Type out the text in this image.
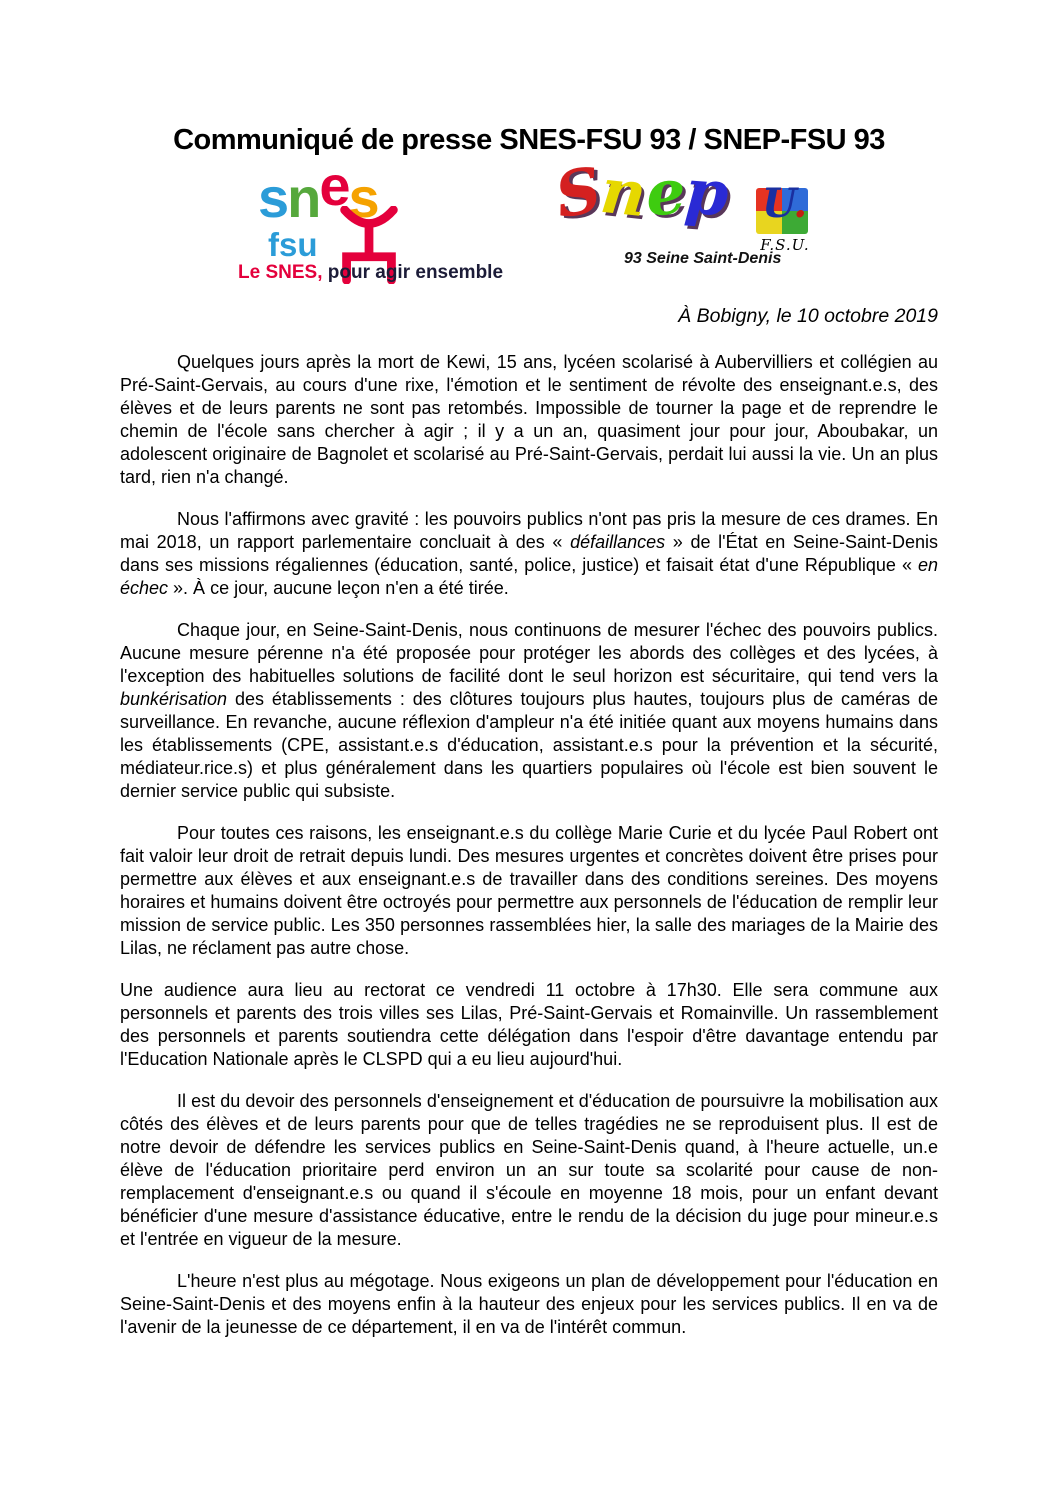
Communiqué de presse SNES-FSU 93 / SNEP-FSU 93
snes
fsu
Le SNES, pour agir ensemble
Snep U.
F.S.U.
93 Seine Saint-Denis
À Bobigny, le 10 octobre 2019

Quelques jours après la mort de Kewi, 15 ans, lycéen scolarisé à Aubervilliers et collégien au Pré-Saint-Gervais, au cours d'une rixe, l'émotion et le sentiment de révolte des enseignant.e.s, des élèves et de leurs parents ne sont pas retombés. Impossible de tourner la page et de reprendre le chemin de l'école sans chercher à agir ; il y a un an, quasiment jour pour jour, Aboubakar, un adolescent originaire de Bagnolet et scolarisé au Pré-Saint-Gervais, perdait lui aussi la vie. Un an plus tard, rien n'a changé.

Nous l'affirmons avec gravité : les pouvoirs publics n'ont pas pris la mesure de ces drames. En mai 2018, un rapport parlementaire concluait à des « défaillances » de l'État en Seine-Saint-Denis dans ses missions régaliennes (éducation, santé, police, justice) et faisait état d'une République « en échec ». À ce jour, aucune leçon n'en a été tirée.

Chaque jour, en Seine-Saint-Denis, nous continuons de mesurer l'échec des pouvoirs publics. Aucune mesure pérenne n'a été proposée pour protéger les abords des collèges et des lycées, à l'exception des habituelles solutions de facilité dont le seul horizon est sécuritaire, qui tend vers la bunkérisation des établissements : des clôtures toujours plus hautes, toujours plus de caméras de surveillance. En revanche, aucune réflexion d'ampleur n'a été initiée quant aux moyens humains dans les établissements (CPE, assistant.e.s d'éducation, assistant.e.s pour la prévention et la sécurité, médiateur.rice.s) et plus généralement dans les quartiers populaires où l'école est bien souvent le dernier service public qui subsiste.

Pour toutes ces raisons, les enseignant.e.s du collège Marie Curie et du lycée Paul Robert ont fait valoir leur droit de retrait depuis lundi. Des mesures urgentes et concrètes doivent être prises pour permettre aux élèves et aux enseignant.e.s de travailler dans des conditions sereines. Des moyens horaires et humains doivent être octroyés pour permettre aux personnels de l'éducation de remplir leur mission de service public. Les 350 personnes rassemblées hier, la salle des mariages de la Mairie des Lilas, ne réclament pas autre chose.

Une audience aura lieu au rectorat ce vendredi 11 octobre à 17h30. Elle sera commune aux personnels et parents des trois villes ses Lilas, Pré-Saint-Gervais et Romainville. Un rassemblement des personnels et parents soutiendra cette délégation dans l'espoir d'être davantage entendu par l'Education Nationale après le CLSPD qui a eu lieu aujourd'hui.

Il est du devoir des personnels d'enseignement et d'éducation de poursuivre la mobilisation aux côtés des élèves et de leurs parents pour que de telles tragédies ne se reproduisent plus. Il est de notre devoir de défendre les services publics en Seine-Saint-Denis quand, à l'heure actuelle, un.e élève de l'éducation prioritaire perd environ un an sur toute sa scolarité pour cause de non-remplacement d'enseignant.e.s ou quand il s'écoule en moyenne 18 mois, pour un enfant devant bénéficier d'une mesure d'assistance éducative, entre le rendu de la décision du juge pour mineur.e.s et l'entrée en vigueur de la mesure.

L'heure n'est plus au mégotage. Nous exigeons un plan de développement pour l'éducation en Seine-Saint-Denis et des moyens enfin à la hauteur des enjeux pour les services publics. Il en va de l'avenir de la jeunesse de ce département, il en va de l'intérêt commun.
